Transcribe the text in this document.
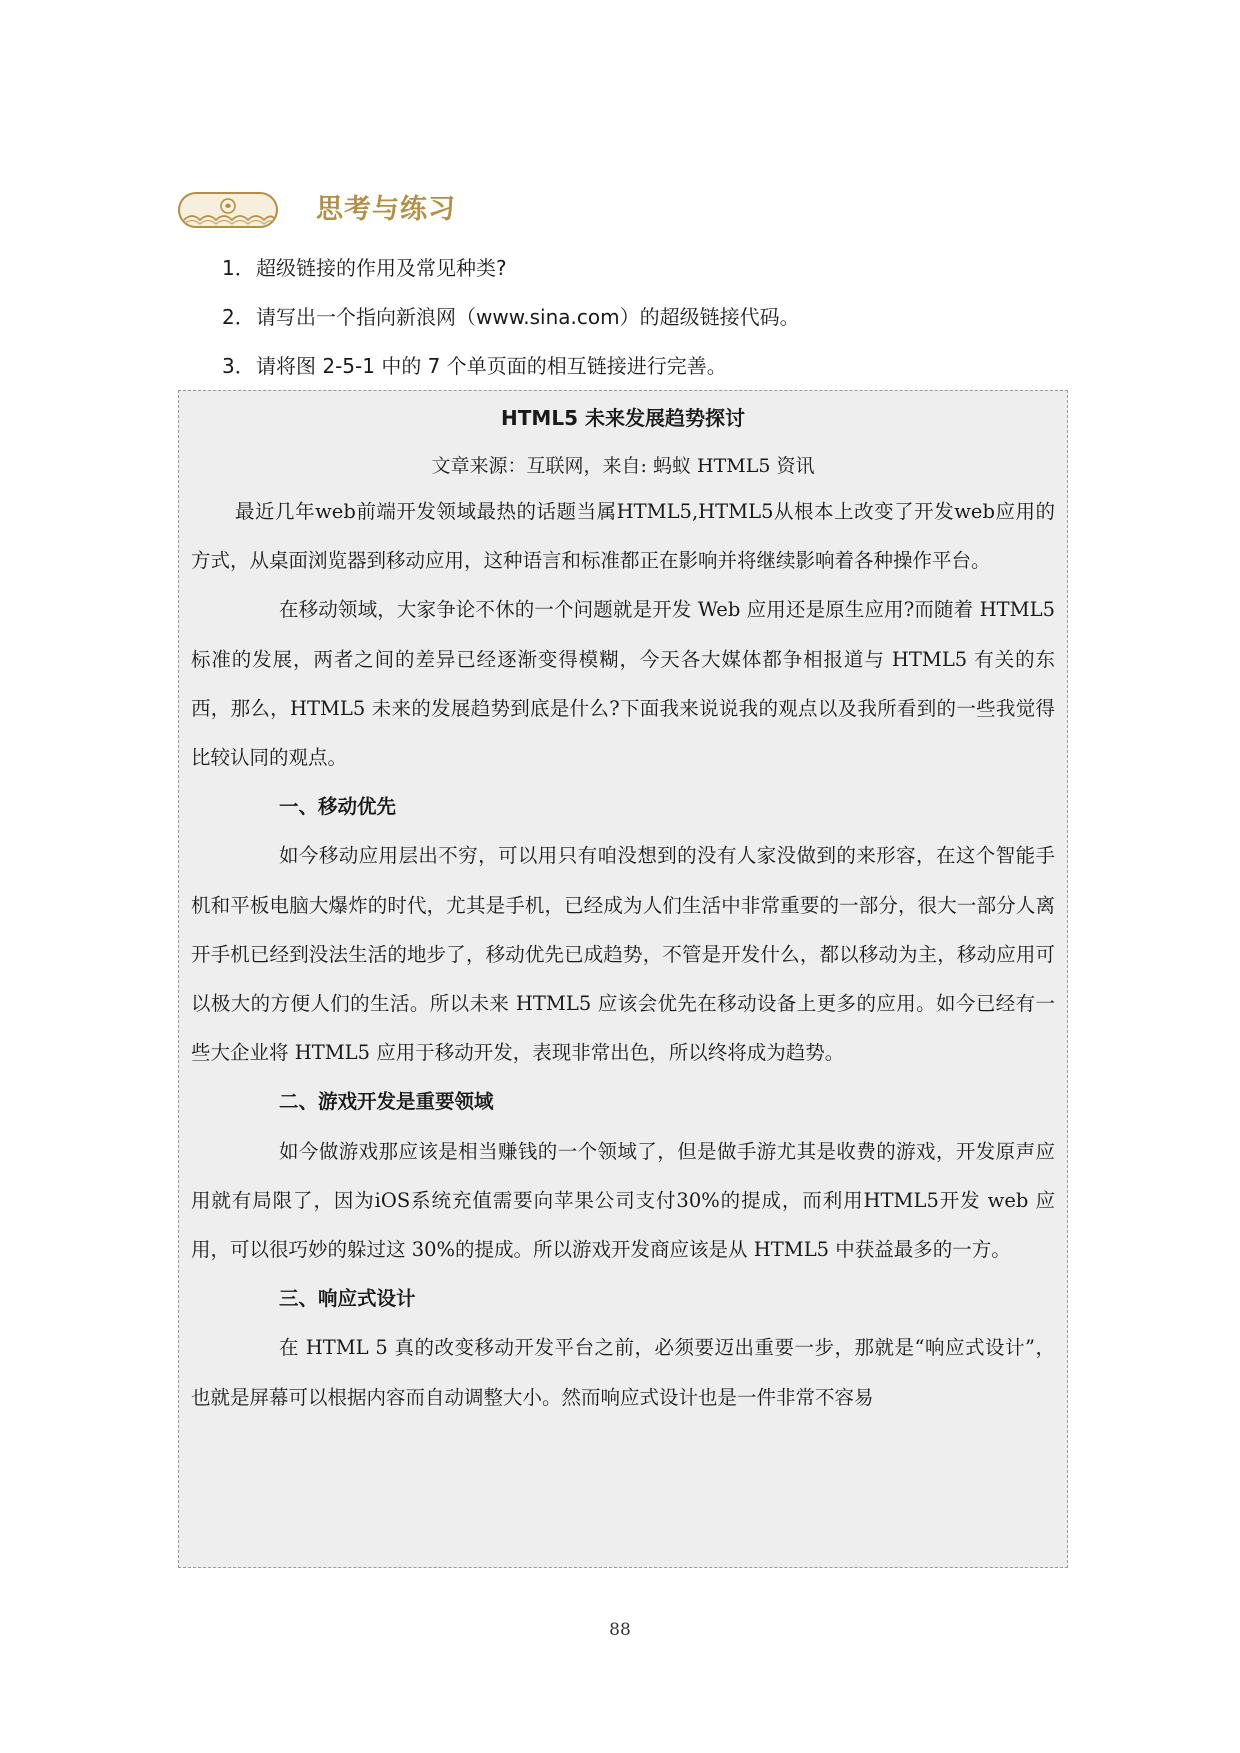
思考与练习
1．超级链接的作用及常见种类?
2．请写出一个指向新浪网（www.sina.com）的超级链接代码。
3．请将图 2-5-1 中的 7 个单页面的相互链接进行完善。
HTML5 未来发展趋势探讨
文章来源：互联网，来自: 蚂蚁 HTML5 资讯

最近几年web前端开发领域最热的话题当属HTML5,HTML5从根本上改变了开发web应用的方式，从桌面浏览器到移动应用，这种语言和标准都正在影响并将继续影响着各种操作平台。

在移动领域，大家争论不休的一个问题就是开发 Web 应用还是原生应用?而随着 HTML5 标准的发展，两者之间的差异已经逐渐变得模糊，今天各大媒体都争相报道与 HTML5 有关的东西，那么，HTML5 未来的发展趋势到底是什么?下面我来说说我的观点以及我所看到的一些我觉得比较认同的观点。

一、移动优先

如今移动应用层出不穷，可以用只有咱没想到的没有人家没做到的来形容，在这个智能手机和平板电脑大爆炸的时代，尤其是手机，已经成为人们生活中非常重要的一部分，很大一部分人离开手机已经到没法生活的地步了，移动优先已成趋势，不管是开发什么，都以移动为主，移动应用可以极大的方便人们的生活。所以未来 HTML5 应该会优先在移动设备上更多的应用。如今已经有一些大企业将 HTML5 应用于移动开发，表现非常出色，所以终将成为趋势。

二、游戏开发是重要领域

如今做游戏那应该是相当赚钱的一个领域了，但是做手游尤其是收费的游戏，开发原声应用就有局限了，因为iOS系统充值需要向苹果公司支付30%的提成，而利用HTML5开发 web 应用，可以很巧妙的躲过这 30%的提成。所以游戏开发商应该是从 HTML5 中获益最多的一方。

三、响应式设计

在 HTML 5 真的改变移动开发平台之前，必须要迈出重要一步，那就是“响应式设计”，也就是屏幕可以根据内容而自动调整大小。然而响应式设计也是一件非常不容易

88
